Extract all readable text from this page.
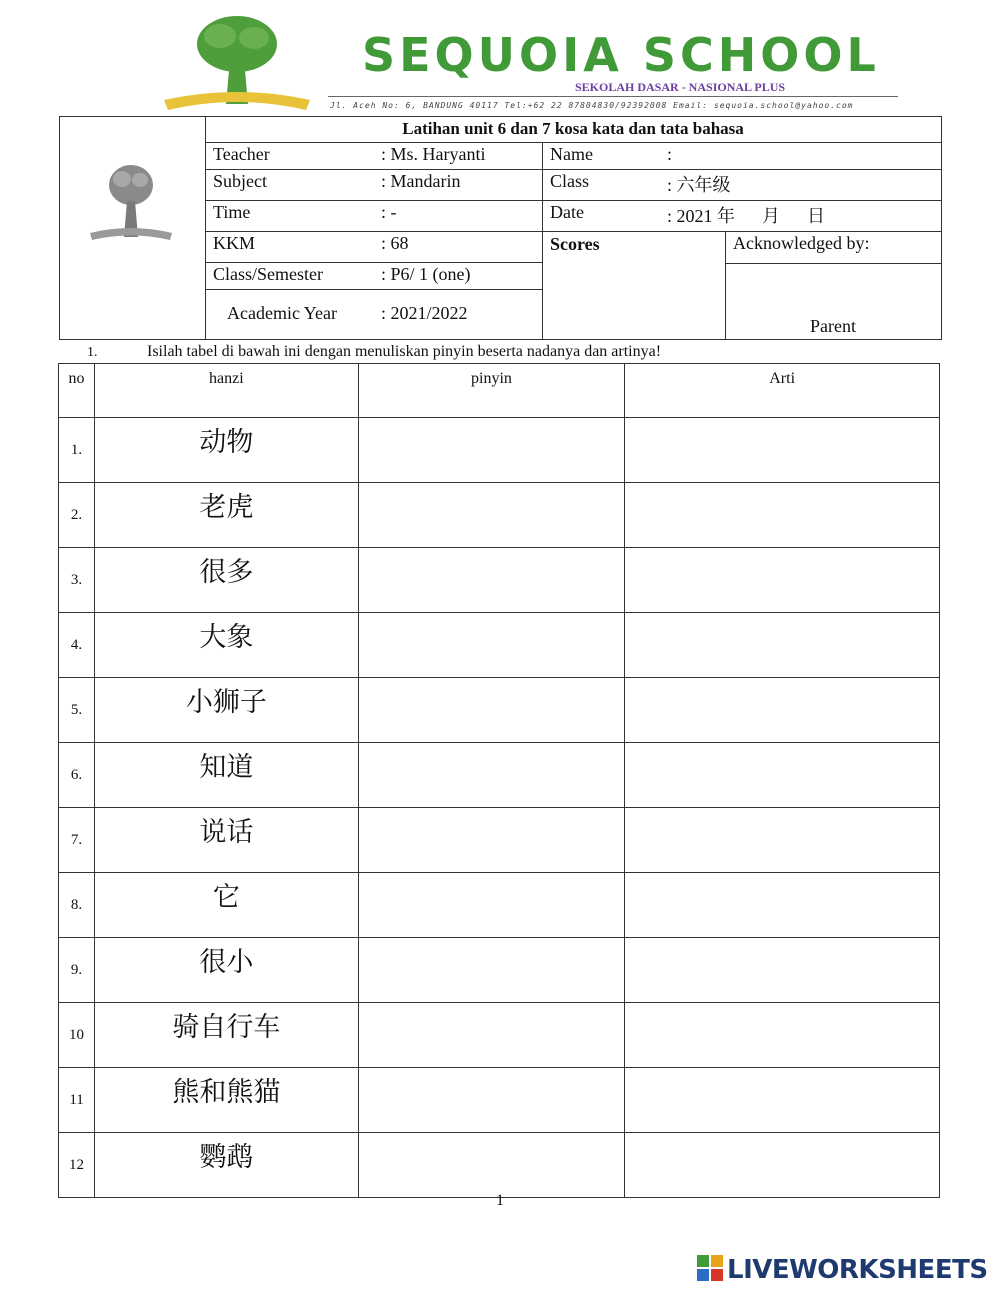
SEQUOIA SCHOOL
SEKOLAH DASAR - NASIONAL PLUS
Jl. Aceh No: 6, BANDUNG 40117 Tel:+62 22 87804830/92392008 Email: sequoia.school@yahoo.com
Latihan unit 6 dan 7 kosa kata dan tata bahasa
Teacher	: Ms. Haryanti
Subject	: Mandarin
Time	: -
KKM	: 68
Class/Semester	: P6/ 1 (one)
Academic Year : 2021/2022
Name	:
Class	: 六年级
Date	: 2021 年      月      日
Scores	Acknowledged by:
Parent
1.	Isilah tabel di bawah ini dengan menuliskan pinyin beserta nadanya dan artinya!
no	hanzi	pinyin	Arti
1.	动物		
2.	老虎		
3.	很多		
4.	大象		
5.	小狮子		
6.	知道		
7.	说话		
8.	它		
9.	很小		
10	骑自行车		
11	熊和熊猫		
12	鹦鹉		
1
LIVEWORKSHEETS
